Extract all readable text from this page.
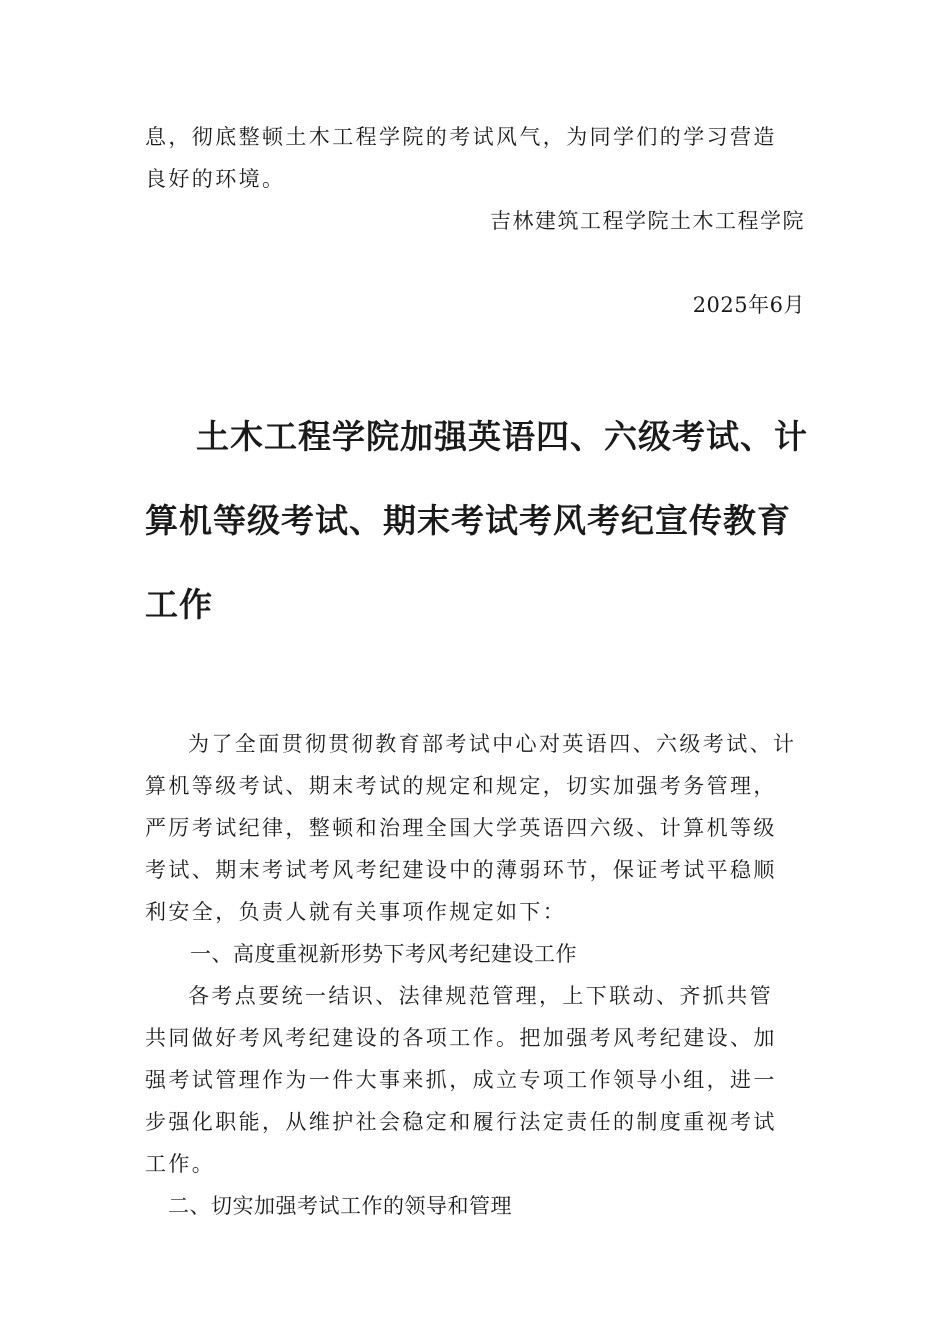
息，彻底整顿土木工程学院的考试风气，为同学们的学习营造
良好的环境。
吉林建筑工程学院土木工程学院
2025年6月
土木工程学院加强英语四、六级考试、计
算机等级考试、期末考试考风考纪宣传教育
工作
为了全面贯彻贯彻教育部考试中心对英语四、六级考试、计
算机等级考试、期末考试的规定和规定，切实加强考务管理，
严厉考试纪律，整顿和治理全国大学英语四六级、计算机等级
考试、期末考试考风考纪建设中的薄弱环节，保证考试平稳顺
利安全，负责人就有关事项作规定如下：
一、高度重视新形势下考风考纪建设工作
各考点要统一结识、法律规范管理，上下联动、齐抓共管
共同做好考风考纪建设的各项工作。把加强考风考纪建设、加
强考试管理作为一件大事来抓，成立专项工作领导小组，进一
步强化职能，从维护社会稳定和履行法定责任的制度重视考试
工作。
二、切实加强考试工作的领导和管理
